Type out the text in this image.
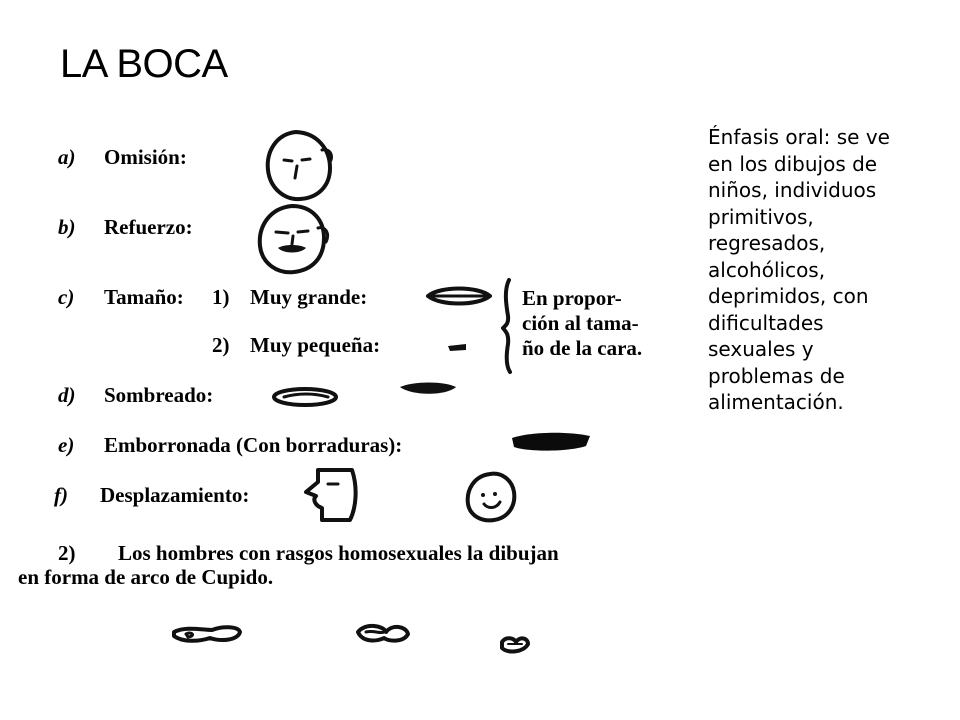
LA BOCA
Énfasis oral: se ve
en los dibujos de
niños, individuos
primitivos,
regresados,
alcohólicos,
deprimidos, con
dificultades
sexuales y
problemas de
alimentación.
a) Omisión:
b) Refuerzo:
c) Tamaño: 1) Muy grande:
2) Muy pequeña:
En propor-
ción al tama-
ño de la cara.
d) Sombreado:
e) Emborronada (Con borraduras):
f) Desplazamiento:
2) Los hombres con rasgos homosexuales la dibujan
en forma de arco de Cupido.
